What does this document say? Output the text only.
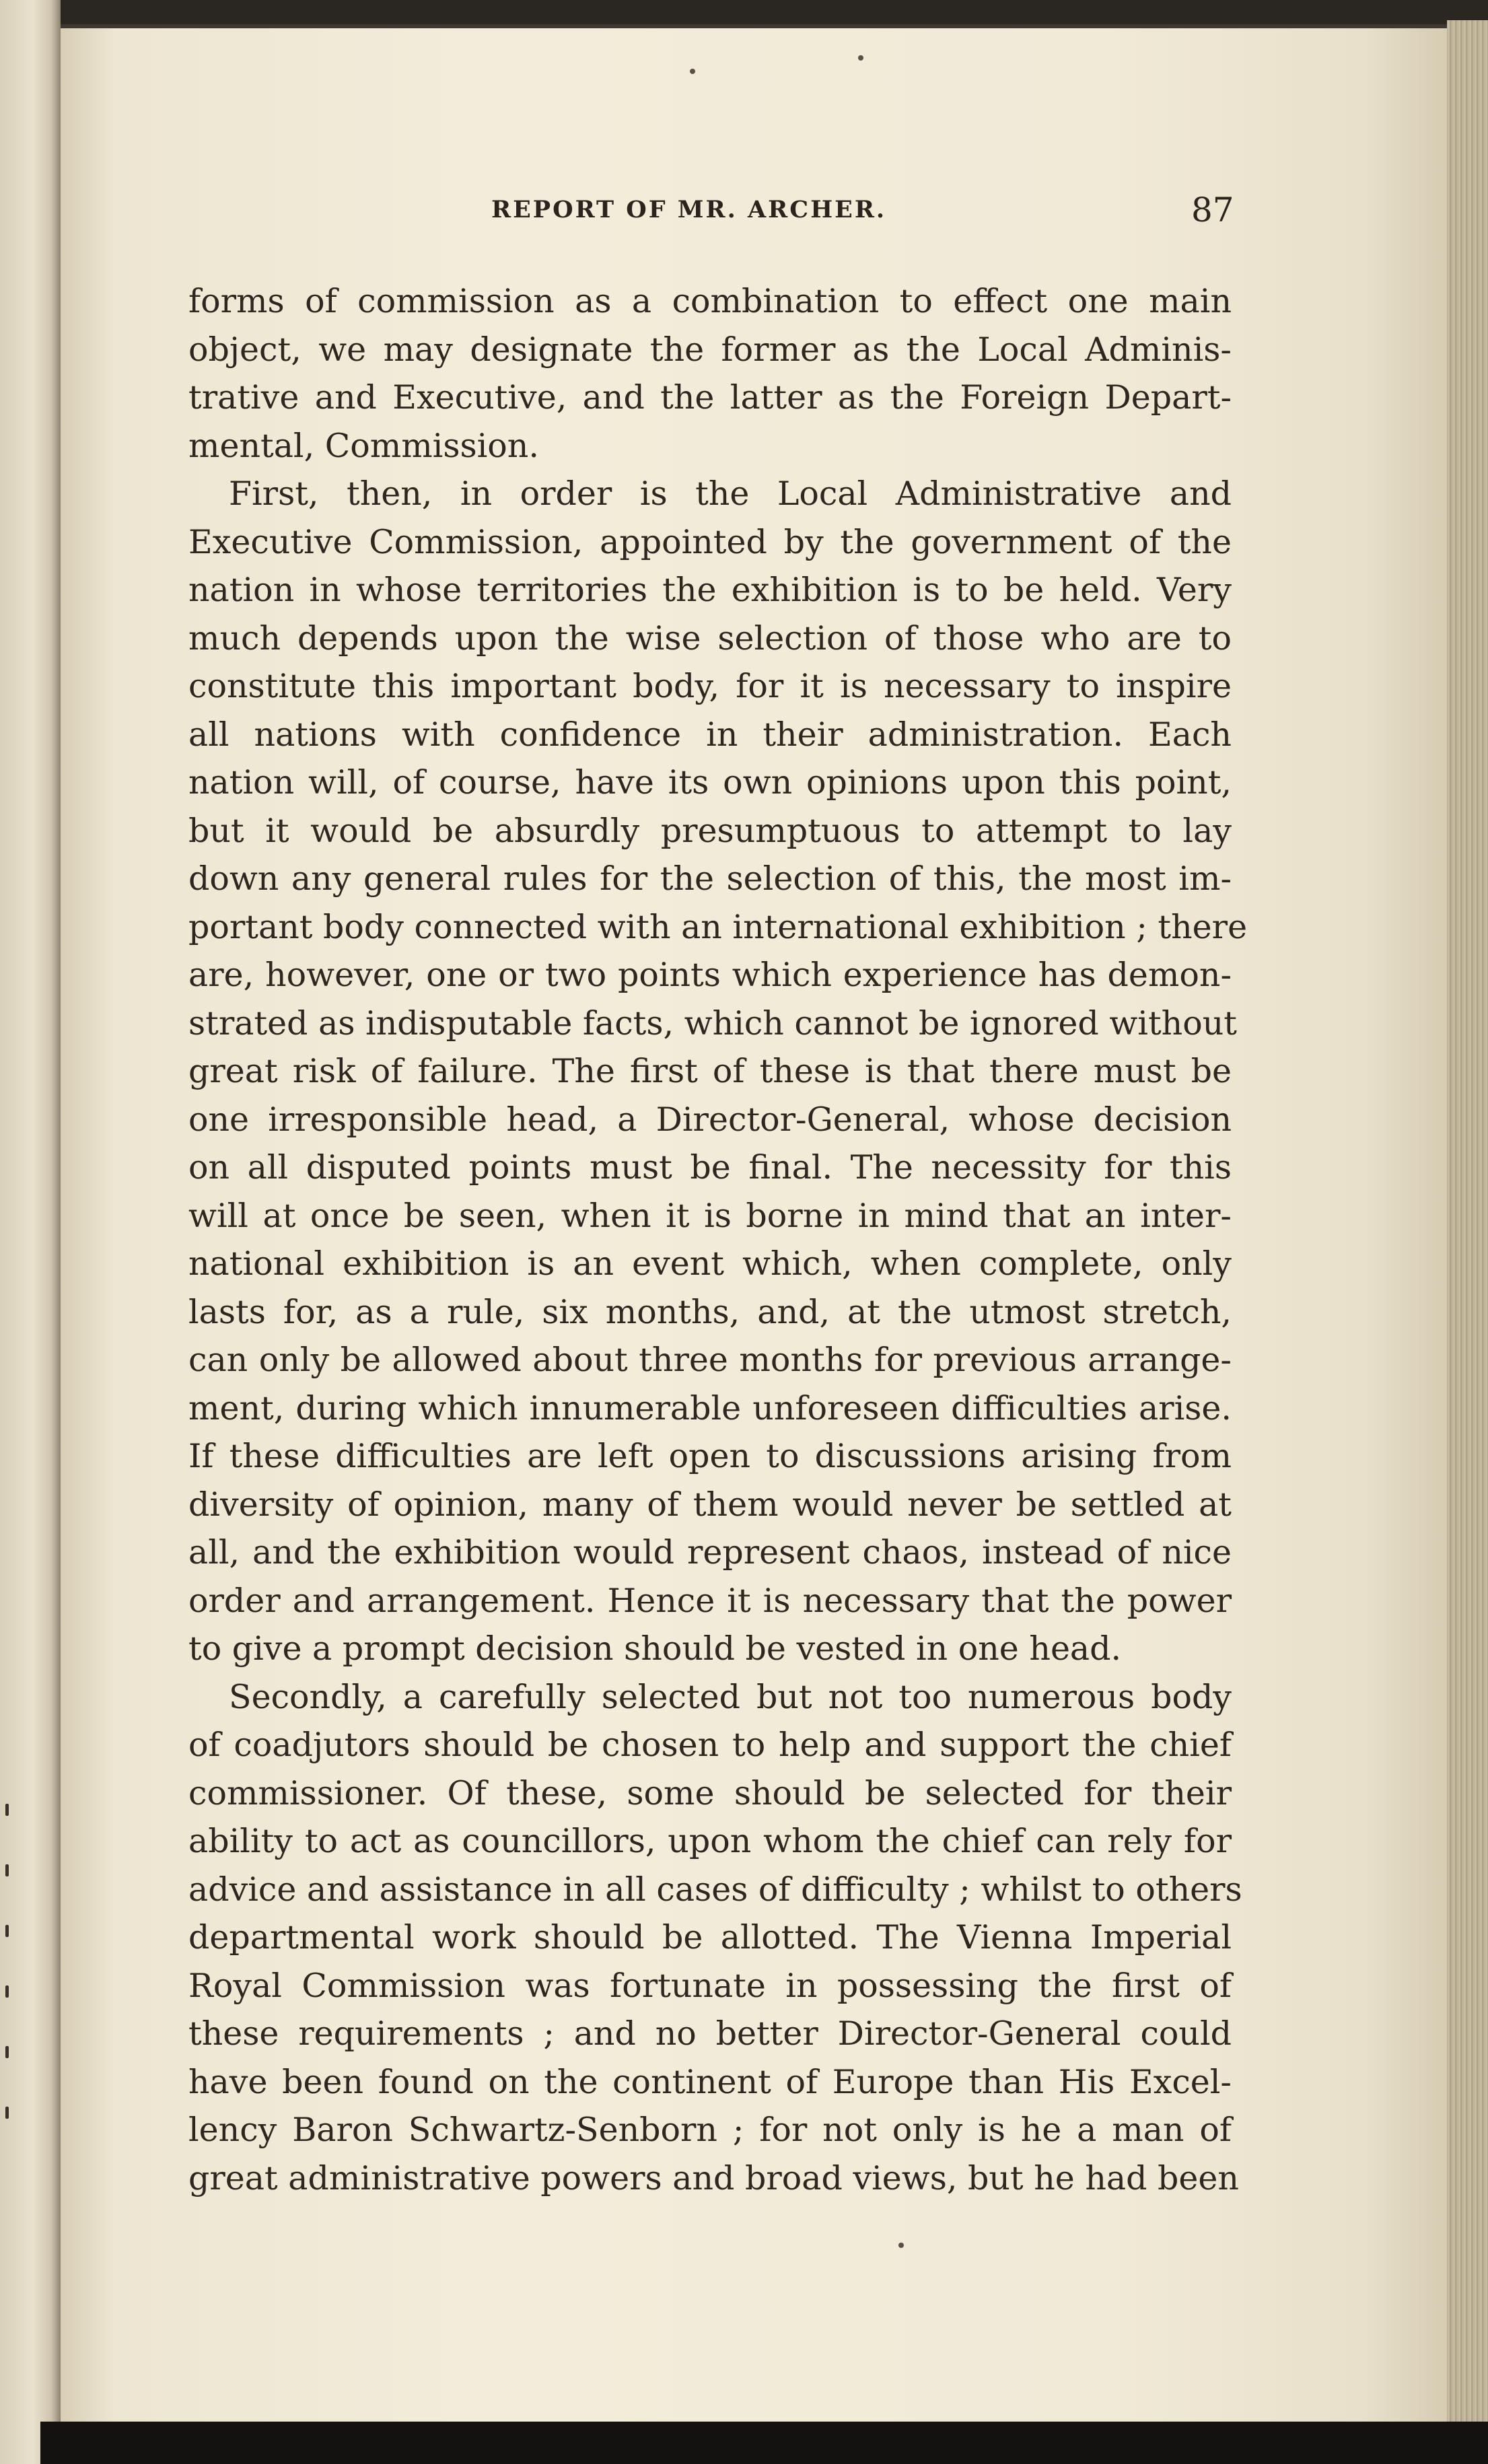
REPORT OF MR. ARCHER.	87
forms of commission as a combination to effect one main
object, we may designate the former as the Local Adminis-
trative and Executive, and the latter as the Foreign Depart-
mental, Commission.
First, then, in order is the Local Administrative and
Executive Commission, appointed by the government of the
nation in whose territories the exhibition is to be held. Very
much depends upon the wise selection of those who are to
constitute this important body, for it is necessary to inspire
all nations with confidence in their administration. Each
nation will, of course, have its own opinions upon this point,
but it would be absurdly presumptuous to attempt to lay
down any general rules for the selection of this, the most im-
portant body connected with an international exhibition ; there
are, however, one or two points which experience has demon-
strated as indisputable facts, which cannot be ignored without
great risk of failure. The first of these is that there must be
one irresponsible head, a Director-General, whose decision
on all disputed points must be final. The necessity for this
will at once be seen, when it is borne in mind that an inter-
national exhibition is an event which, when complete, only
lasts for, as a rule, six months, and, at the utmost stretch,
can only be allowed about three months for previous arrange-
ment, during which innumerable unforeseen difficulties arise.
If these difficulties are left open to discussions arising from
diversity of opinion, many of them would never be settled at
all, and the exhibition would represent chaos, instead of nice
order and arrangement. Hence it is necessary that the power
to give a prompt decision should be vested in one head.
Secondly, a carefully selected but not too numerous body
of coadjutors should be chosen to help and support the chief
commissioner. Of these, some should be selected for their
ability to act as councillors, upon whom the chief can rely for
advice and assistance in all cases of difficulty ; whilst to others
departmental work should be allotted. The Vienna Imperial
Royal Commission was fortunate in possessing the first of
these requirements ; and no better Director-General could
have been found on the continent of Europe than His Excel-
lency Baron Schwartz-Senborn ; for not only is he a man of
great administrative powers and broad views, but he had been
